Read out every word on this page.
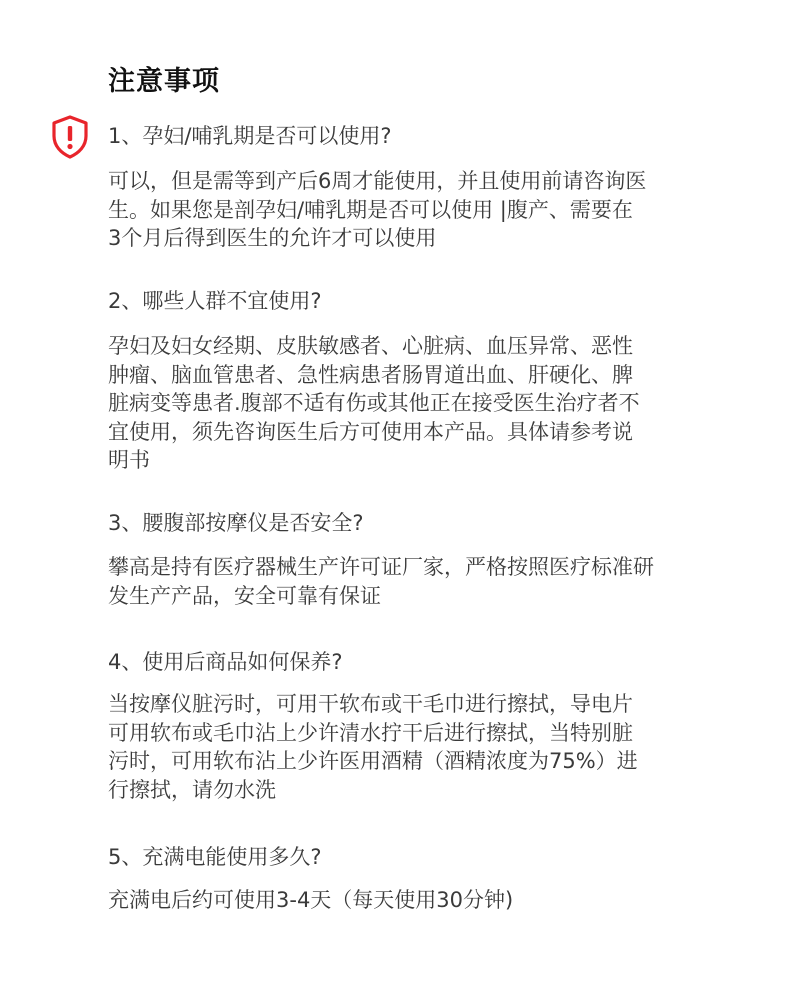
注意事项

1、孕妇/哺乳期是否可以使用?

可以，但是需等到产后6周才能使用，并且使用前请咨询医
生。如果您是剖孕妇/哺乳期是否可以使用 |腹产、需要在
3个月后得到医生的允许才可以使用

2、哪些人群不宜使用?

孕妇及妇女经期、皮肤敏感者、心脏病、血压异常、恶性
肿瘤、脑血管患者、急性病患者肠胃道出血、肝硬化、脾
脏病变等患者.腹部不适有伤或其他正在接受医生治疗者不
宜使用，须先咨询医生后方可使用本产品。具体请参考说
明书

3、腰腹部按摩仪是否安全?

攀高是持有医疗器械生产许可证厂家，严格按照医疗标准研
发生产产品，安全可靠有保证

4、使用后商品如何保养?

当按摩仪脏污时，可用干软布或干毛巾进行擦拭，导电片
可用软布或毛巾沾上少许清水拧干后进行擦拭，当特别脏
污时，可用软布沾上少许医用酒精（酒精浓度为75%）进
行擦拭，请勿水洗

5、充满电能使用多久?

充满电后约可使用3-4天（每天使用30分钟)
